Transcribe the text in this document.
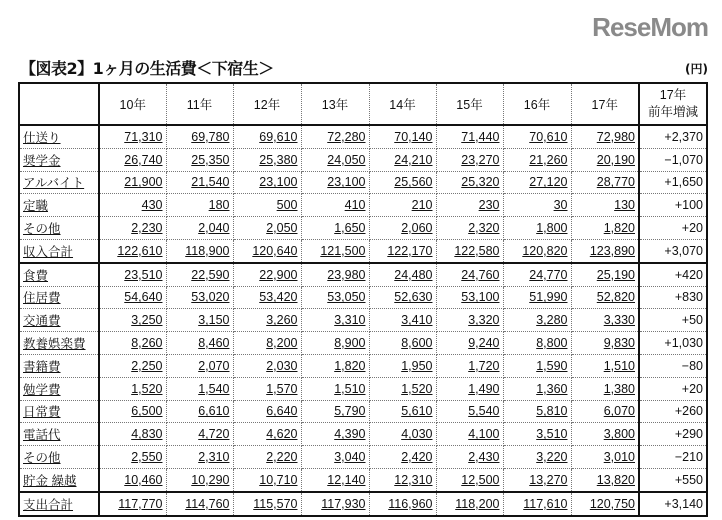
ReseMom
【図表2】1ヶ月の生活費＜下宿生＞	(円)
	10年	11年	12年	13年	14年	15年	16年	17年	17年
前年増減

仕送り	71,310	69,780	69,610	72,280	70,140	71,440	70,610	72,980	+2,370
奨学金	26,740	25,350	25,380	24,050	24,210	23,270	21,260	20,190	−1,070
アルバイト	21,900	21,540	23,100	23,100	25,560	25,320	27,120	28,770	+1,650
定職	430	180	500	410	210	230	30	130	+100
その他	2,230	2,040	2,050	1,650	2,060	2,320	1,800	1,820	+20
収入合計	122,610	118,900	120,640	121,500	122,170	122,580	120,820	123,890	+3,070
食費	23,510	22,590	22,900	23,980	24,480	24,760	24,770	25,190	+420
住居費	54,640	53,020	53,420	53,050	52,630	53,100	51,990	52,820	+830
交通費	3,250	3,150	3,260	3,310	3,410	3,320	3,280	3,330	+50
教養娯楽費	8,260	8,460	8,200	8,900	8,600	9,240	8,800	9,830	+1,030
書籍費	2,250	2,070	2,030	1,820	1,950	1,720	1,590	1,510	−80
勉学費	1,520	1,540	1,570	1,510	1,520	1,490	1,360	1,380	+20
日常費	6,500	6,610	6,640	5,790	5,610	5,540	5,810	6,070	+260
電話代	4,830	4,720	4,620	4,390	4,030	4,100	3,510	3,800	+290
その他	2,550	2,310	2,220	3,040	2,420	2,430	3,220	3,010	−210
貯金 繰越	10,460	10,290	10,710	12,140	12,310	12,500	13,270	13,820	+550
支出合計	117,770	114,760	115,570	117,930	116,960	118,200	117,610	120,750	+3,140
